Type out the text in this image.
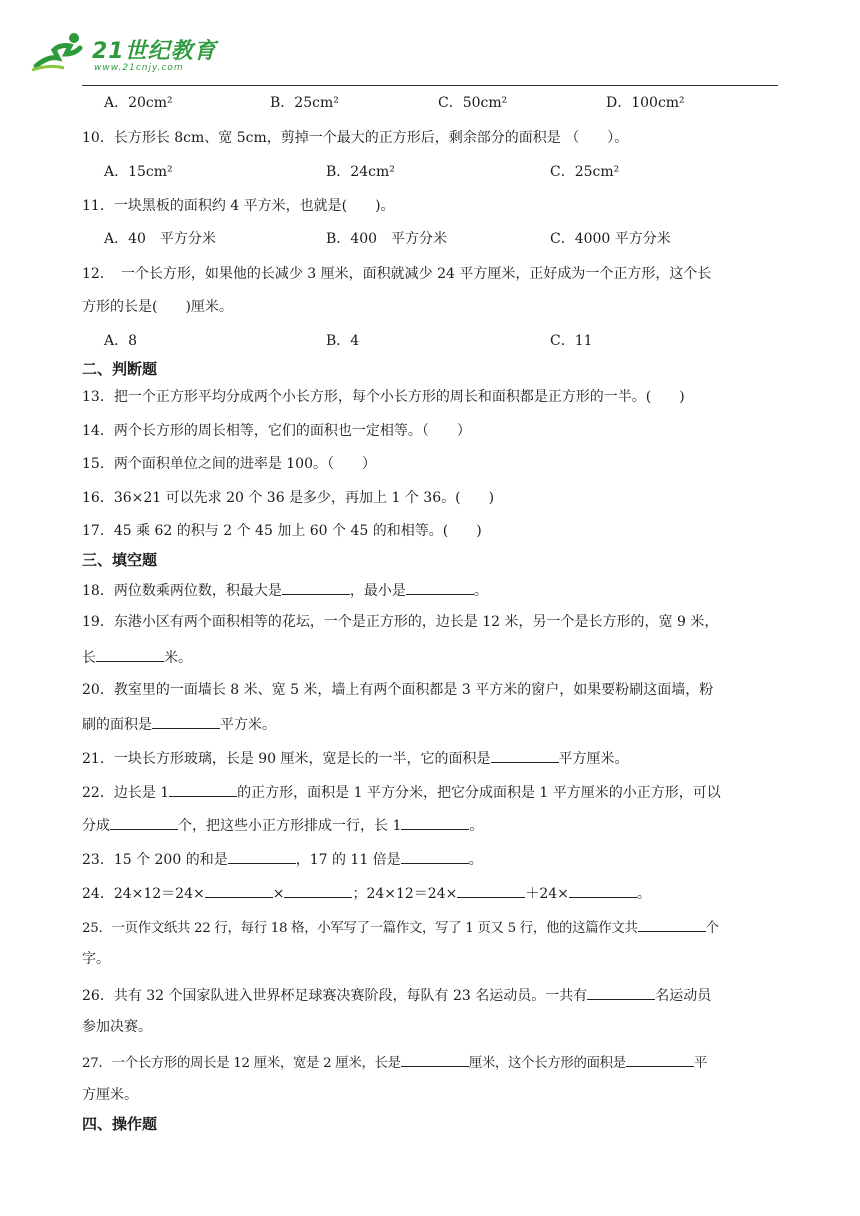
21世纪教育
www.21cnjy.com
A．20cm²	B．25cm²	C．50cm²	D．100cm²
10．长方形长 8cm、宽 5cm，剪掉一个最大的正方形后，剩余部分的面积是 （　　）。
A．15cm²	B．24cm²	C．25cm²
11．一块黑板的面积约 4 平方米，也就是(　　)。
A．40　平方分米	B．400　平方分米	C．4000 平方分米
12．　一个长方形，如果他的长减少 3 厘米，面积就减少 24 平方厘米，正好成为一个正方形，这个长
方形的长是(　　)厘米。
A．8	B．4	C．11
二、判断题
13．把一个正方形平均分成两个小长方形，每个小长方形的周长和面积都是正方形的一半。(　　)
14．两个长方形的周长相等，它们的面积也一定相等。（　　）
15．两个面积单位之间的进率是 100。（　　）
16．36×21 可以先求 20 个 36 是多少，再加上 1 个 36。(　　)
17．45 乘 62 的积与 2 个 45 加上 60 个 45 的和相等。(　　)
三、填空题
18．两位数乘两位数，积最大是	，最小是	。
19．东港小区有两个面积相等的花坛，一个是正方形的，边长是 12 米，另一个是长方形的，宽 9 米，
长	米。
20．教室里的一面墙长 8 米、宽 5 米，墙上有两个面积都是 3 平方米的窗户，如果要粉刷这面墙，粉
刷的面积是	平方米。
21．一块长方形玻璃，长是 90 厘米，宽是长的一半，它的面积是	平方厘米。
22．边长是 1	的正方形，面积是 1 平方分米，把它分成面积是 1 平方厘米的小正方形，可以
分成	个，把这些小正方形排成一行，长 1	。
23．15 个 200 的和是	，17 的 11 倍是	。
24．24×12＝24×	×	；24×12＝24×	＋24×	。
25．一页作文纸共 22 行，每行 18 格，小军写了一篇作文，写了 1 页又 5 行，他的这篇作文共	个
字。
26．共有 32 个国家队进入世界杯足球赛决赛阶段，每队有 23 名运动员。一共有	名运动员
参加决赛。
27．一个长方形的周长是 12 厘米，宽是 2 厘米，长是	厘米，这个长方形的面积是	平
方厘米。
四、操作题
